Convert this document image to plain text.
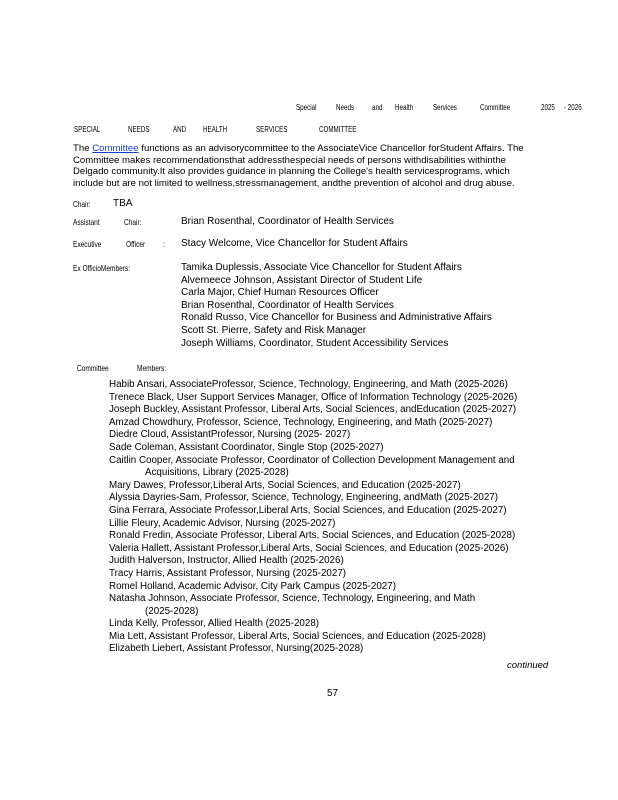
Special Needs and Health Services	Committee	2025 - 2026
SPECIAL	NEEDS	AND HEALTH	SERVICES	COMMITTEE
The Committee functions as an advisorycommittee to the AssociateVice Chancellor forStudent Affairs. The
Committee makes recommendationsthat addressthespecial needs of persons withdisabilities withinthe
Delgado community.It also provides guidance in planning the College's health servicesprograms, which
include but are not limited to wellness,stressmanagement, andthe prevention of alcohol and drug abuse.
Chair: TBA
Assistant	Chair:	Brian Rosenthal, Coordinator of Health Services
Executive	Officer : Stacy Welcome, Vice Chancellor for Student Affairs
Ex OfficioMembers:	Tamika Duplessis, Associate Vice Chancellor for Student Affairs
Alverneece Johnson, Assistant Director of Student Life
Carla Major, Chief Human Resources Officer
Brian Rosenthal, Coordinator of Health Services
Ronald Russo, Vice Chancellor for Business and Administrative Affairs
Scott St. Pierre, Safety and Risk Manager
Joseph Williams, Coordinator, Student Accessibility Services
Committee	Members:
Habib Ansari, AssociateProfessor, Science, Technology, Engineering, and Math (2025-2026)
Trenece Black, User Support Services Manager, Office of Information Technology (2025-2026)
Joseph Buckley, Assistant Professor, Liberal Arts, Social Sciences, andEducation (2025-2027)
Amzad Chowdhury, Professor, Science, Technology, Engineering, and Math (2025-2027)
Diedre Cloud, AssistantProfessor, Nursing (2025- 2027)
Sade Coleman, Assistant Coordinator, Single Stop (2025-2027)
Caitlin Cooper, Associate Professor, Coordinator of Collection Development Management and
Acquisitions, Library (2025-2028)
Mary Dawes, Professor,Liberal Arts, Social Sciences, and Education (2025-2027)
Alyssia Dayries-Sam, Professor, Science, Technology, Engineering, andMath (2025-2027)
Gina Ferrara, Associate Professor,Liberal Arts, Social Sciences, and Education (2025-2027)
Lillie Fleury, Academic Advisor, Nursing (2025-2027)
Ronald Fredin, Associate Professor, Liberal Arts, Social Sciences, and Education (2025-2028)
Valeria Hallett, Assistant Professor,Liberal Arts, Social Sciences, and Education (2025-2026)
Judith Halverson, Instructor, Allied Health (2025-2026)
Tracy Harris, Assistant Professor, Nursing (2025-2027)
Romel Holland, Academic Advisor, City Park Campus (2025-2027)
Natasha Johnson, Associate Professor, Science, Technology, Engineering, and Math
(2025-2028)
Linda Kelly, Professor, Allied Health (2025-2028)
Mia Lett, Assistant Professor, Liberal Arts, Social Sciences, and Education (2025-2028)
Elizabeth Liebert, Assistant Professor, Nursing(2025-2028)
continued
57
